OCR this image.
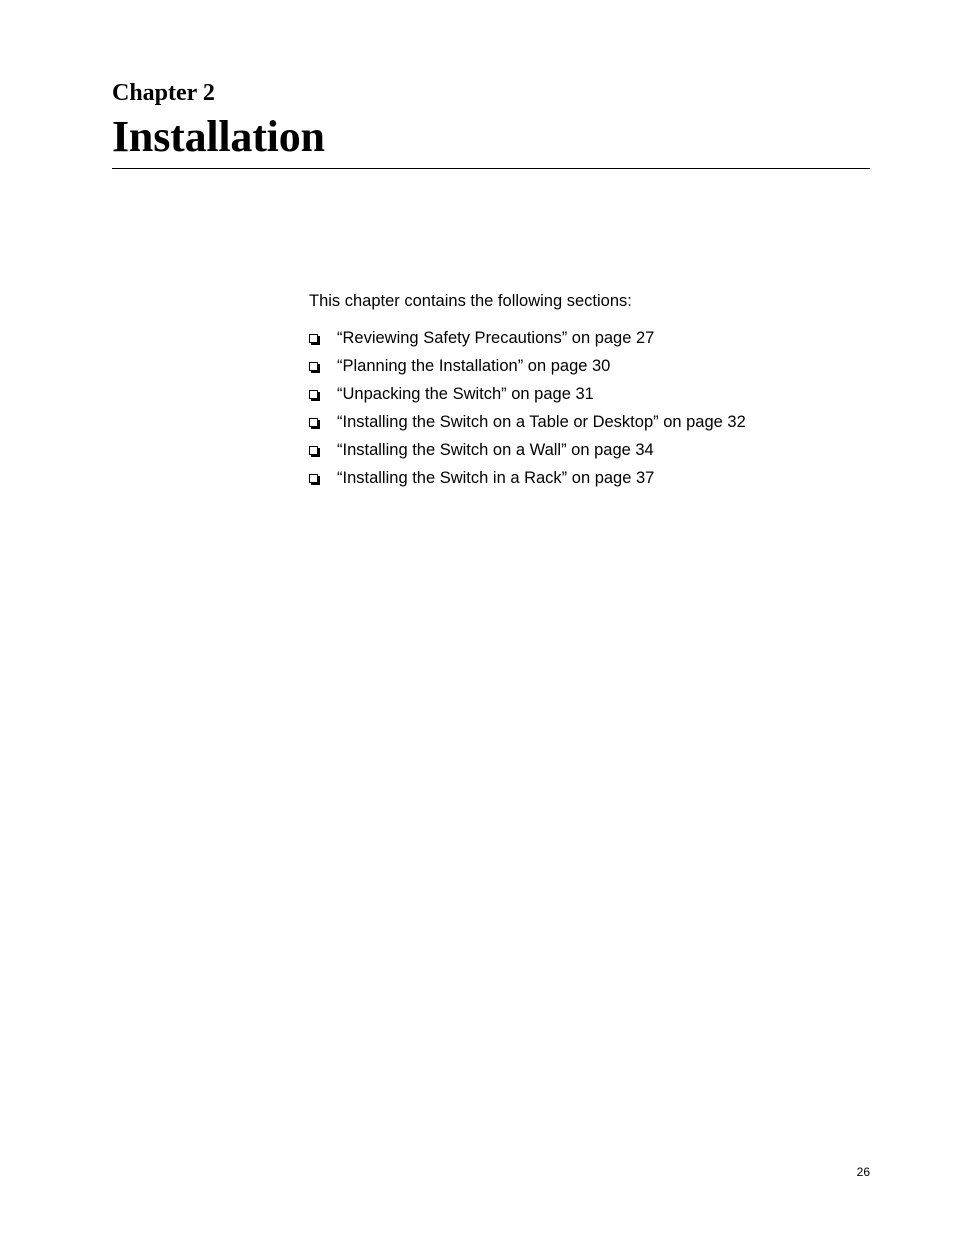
Chapter 2
Installation

This chapter contains the following sections:

“Reviewing Safety Precautions” on page 27
“Planning the Installation” on page 30
“Unpacking the Switch” on page 31
“Installing the Switch on a Table or Desktop” on page 32
“Installing the Switch on a Wall” on page 34
“Installing the Switch in a Rack” on page 37

26
